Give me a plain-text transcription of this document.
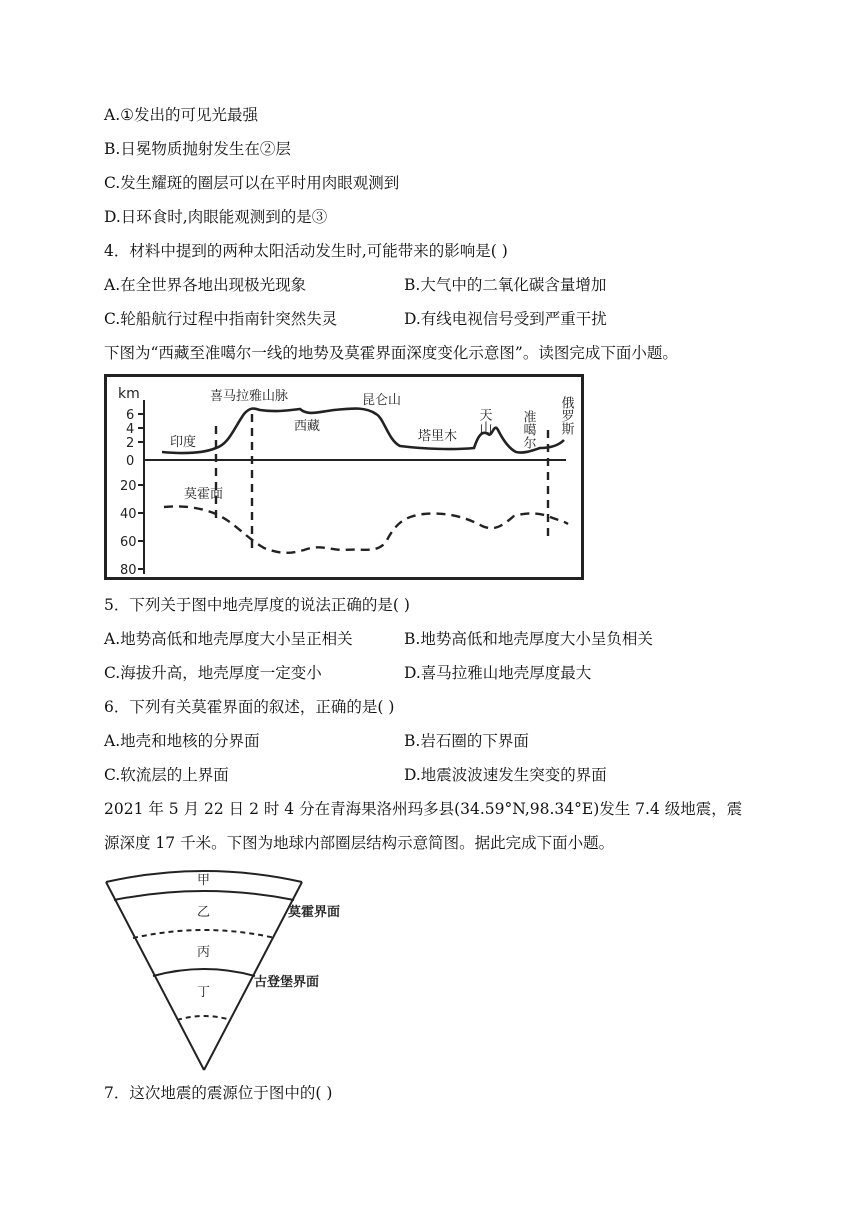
A.①发出的可见光最强
B.日冕物质抛射发生在②层
C.发生耀斑的圈层可以在平时用肉眼观测到
D.日环食时,肉眼能观测到的是③
4．材料中提到的两种太阳活动发生时,可能带来的影响是( )
A.在全世界各地出现极光现象	B.大气中的二氧化碳含量增加
C.轮船航行过程中指南针突然失灵	D.有线电视信号受到严重干扰
下图为“西藏至准噶尔一线的地势及莫霍界面深度变化示意图”。读图完成下面小题。
km
6
4
2
0
20
40
60
80
印度
喜马拉雅山脉
西藏
昆仑山
塔里木
天山 准噶尔 俄罗斯
莫霍面
5．下列关于图中地壳厚度的说法正确的是( )
A.地势高低和地壳厚度大小呈正相关	B.地势高低和地壳厚度大小呈负相关
C.海拔升高，地壳厚度一定变小	D.喜马拉雅山地壳厚度最大
6．下列有关莫霍界面的叙述，正确的是( )
A.地壳和地核的分界面	B.岩石圈的下界面
C.软流层的上界面	D.地震波波速发生突变的界面
2021 年 5 月 22 日 2 时 4 分在青海果洛州玛多县(34.59°N,98.34°E)发生 7.4 级地震，震
源深度 17 千米。下图为地球内部圈层结构示意简图。据此完成下面小题。
甲
乙
丙
丁
莫霍界面
古登堡界面
7．这次地震的震源位于图中的( )
